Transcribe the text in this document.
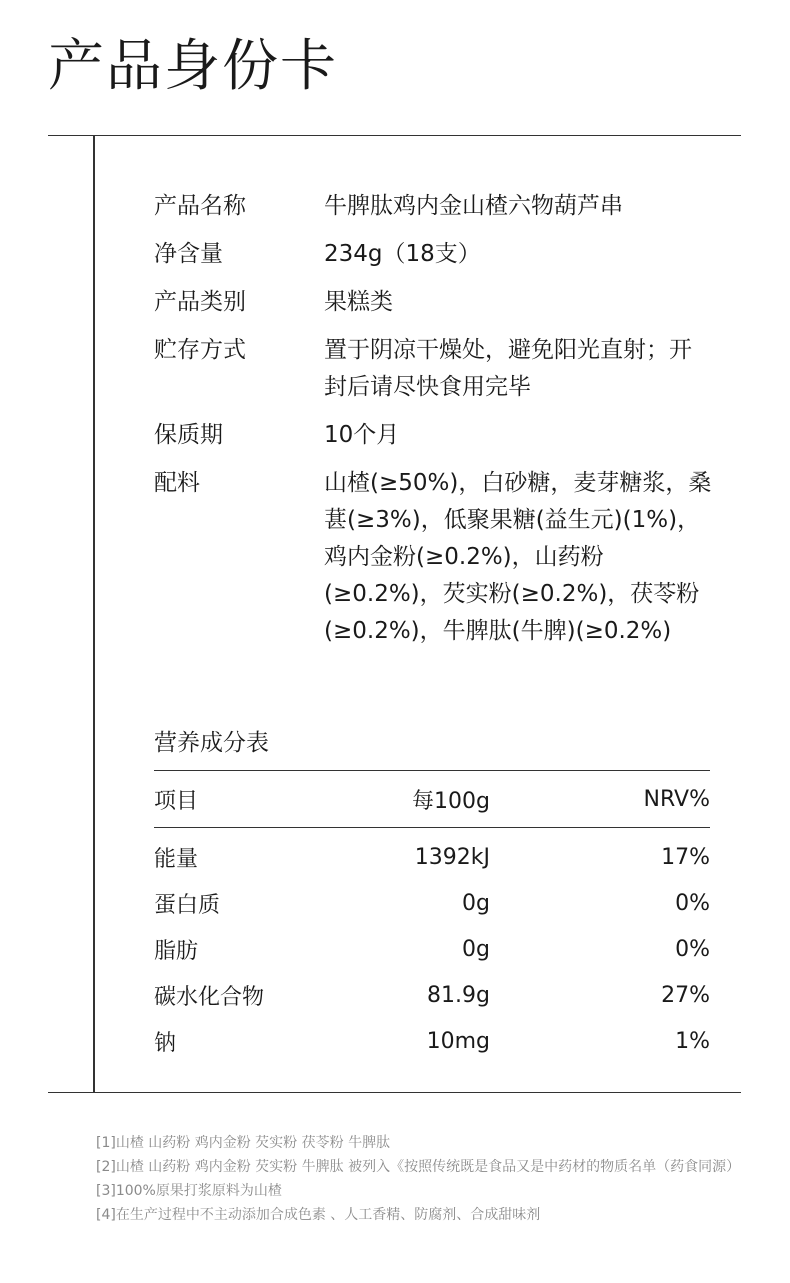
产品身份卡
产品名称	牛脾肽鸡内金山楂六物葫芦串
净含量	234g（18支）
产品类别	果糕类
贮存方式	置于阴凉干燥处，避免阳光直射；开封后请尽快食用完毕
保质期	10个月
配料	山楂(≥50%)，白砂糖，麦芽糖浆，桑葚(≥3%)，低聚果糖(益生元)(1%)，鸡内金粉(≥0.2%)，山药粉(≥0.2%)，芡实粉(≥0.2%)，茯苓粉(≥0.2%)，牛脾肽(牛脾)(≥0.2%)
营养成分表
项目	每100g	NRV%
能量	1392kJ	17%
蛋白质	0g	0%
脂肪	0g	0%
碳水化合物	81.9g	27%
钠	10mg	1%

[1]山楂 山药粉 鸡内金粉 芡实粉 茯苓粉 牛脾肽

[2]山楂 山药粉 鸡内金粉 芡实粉 牛脾肽 被列入《按照传统既是食品又是中药材的物质名单（药食同源）

[3]100%原果打浆原料为山楂

[4]在生产过程中不主动添加合成色素 、人工香精、防腐剂、合成甜味剂
